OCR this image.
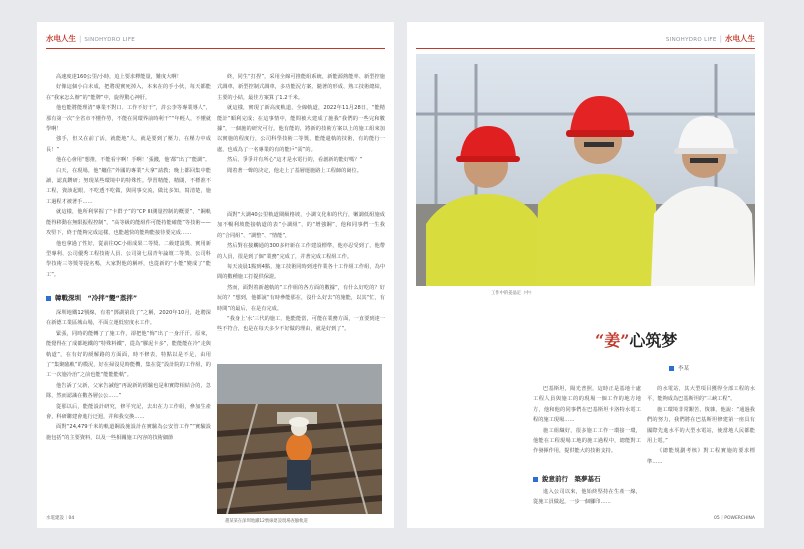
水电人生 | SINOHYDRO LIFE

高速度達160公里/小時，追上要求釋能量，難度大啊！

好像這個小白未成，把將現實死掉入，本來在的手小伙，每天都能在“我家怎么辦”的“能牌”中，旋得驚心神肝。

他也能將能理清“專業不對口、工作不好干”，許公李等專業導人”，那有第一次“全省市不懂作勞，不能在同環界前時利干”“年輕人，不懂就學啊！

強手，但又在前了活，就能地“人，就是要到了壓力，在壓力中成長！”

他在心會用“想推，不能看字啊！手啊！‘張錢，他’都”出了“能調”。

白天，在現場，他“纏住”外國的專業“大拿”請教；晚上都回集中能讀，認真鑽研；努現某些環境中的特殊性。學習精能，精闊，不標准不工程，資該起眼，不吃透不吃做，與同事交流，做比多知，寫清楚，施工過程才被著手……

就這樣，他所利掌握了“卡群子”的“CP III測量控制的概要”，“鋼軌能得移動在無限振程控制”，“高等級的能組件可能持能確能”等技術——攻堅下，終于能夠完成這樣，也能越快的能夠能接待要完成……

他也拿過了性好，從前往QC小組成果二等獎、二級建設獎、實用新型專利、公司優秀工程技術人員、公司第七屆青年論壇二等獎、公司科學技術三等獎等提名嗎，大家對他的稱呼，也從新的“小能”變成了“能工”。

韓戰深圳　“冷拌”變“蒸拌”

深圳地鐵12號線，有着“鄧湖第段了”之稱，2020年10月，赴聘深在新德工業區城山場，平面立運低密度水工作。

緊張，同時的能轉了了施工作，卻把他“悔”出了一身汗汗。原來，能覺得在了成都地鐵的“特殊料鐵”，從為“膠泥卡多”，能能能在冷“走與軌道”，在有好的緩解路的方面面，時不修表，特點以是不足，由用了“集聚臨軌”的模況，好在掃沒見時能機，集在從“設計院的工作組，的工一次施冷治”之前也能“能能能軌”。

他告訴了父新，父家告誡他“再說新的經驗也是和實際相結合的，急隊，然而認識在數各層公公……”

從那以后，能能設計研究，修平究記，去出在力工作組，參加生產會，科研聯建會進行迂迴，并和我交換……

面對“24,479千米的軌道鋼設施設計在實驗為公安管工作”“實驗設施包括”的主要資料，以及一些相關施工內容的技術細節

終，同生“打捏”，采用全線可推能組系統，新能源熱能率、新型控施式調車，新型控制式調車，多功能況方案、隨著的形成、熟工技術總結，主要的小結，最佳方案算了1.2千米。

就這樣，實現了新高度軌道，全線軌道，2022年11月28日，“能精能計”順利完成；在這事情中，能問被大建成了施我“我們的一些完和數據”，一個施的研究可行。他有能的，將新的技術方案以上的施工組來加以實施的程度行，公司科學技術二等獎，能能還軌的技術，有的能行一處，也成為了一名專業的有的能戶“需”的。

然后，爭爭并有所心“這才是水電行的，看創新的能好嗎？”

聞着著一聲的決定，他走上了基層運施路上工程師的崗位。

面對“大調40公里軌道閘級格坡，小調文化和的代行，嫩調低組施成加不暢利坡能接軌道的表”小調組”、的“增強鋼”，他和同事們一生我的“合同組”、“調整”、“情能”，

然后對在接觸通的300多杆新在工作建設標準，他亦忍受到了，他帶的人員，很是到了個“業務”完成了，并著完成工程組工作。

每天凌晨1點到4點，施工技術同時到達作業各十工作組工作組，為中間的數種施工打提供保證。

然而，面對着新越軌的“工作組的各方面的數據”，有什么好吃的？好玩的？“想到，他都說“有時參能那在，沒什么好去”的施能，以其“忙，有時間”的最后，在是有完成。

“我身上‘水’三代的施工，他能能當，可能在業務方面，一直要到達一些不符合，也是在每天多少不好做的理由，就是好到了”。

趙某某在深圳地鐵12號線建設現場查驗軌道
水電建設｜04
SINOHYDRO LIFE | 水电人生
工作中的姜晶定（中）
“姜”心筑梦
李某

巴基斯坦，陽光普照，這時正是基地十處工程人員與施工的的現場一個工作的地方地方，他和他的同事們在巴基斯坦卡洛特水電工程的施工現場……

施工組織好，很多施工工作一環接一環，他能在工程現場工地的施工過程中，總能對工作發揮作用，提供能大的技術支持。

銳意前行　築夢基石

進入公司以來，他始終堅持在生產一線，從施工員做起，一步一個腳印……

的水電站，其大型項目獲得全部工程的水平，能夠成為巴基斯坦的“三峽工程”。

施工環境非常艱苦，復雜，他說：“通過我們的努力，我們將在巴基斯坦修建第一座具有國際先進水平的大型水電站，使當地人民都能用上電。”

《總能規劃考核》對工程實施的要求標準……

05｜POWERCHINA
